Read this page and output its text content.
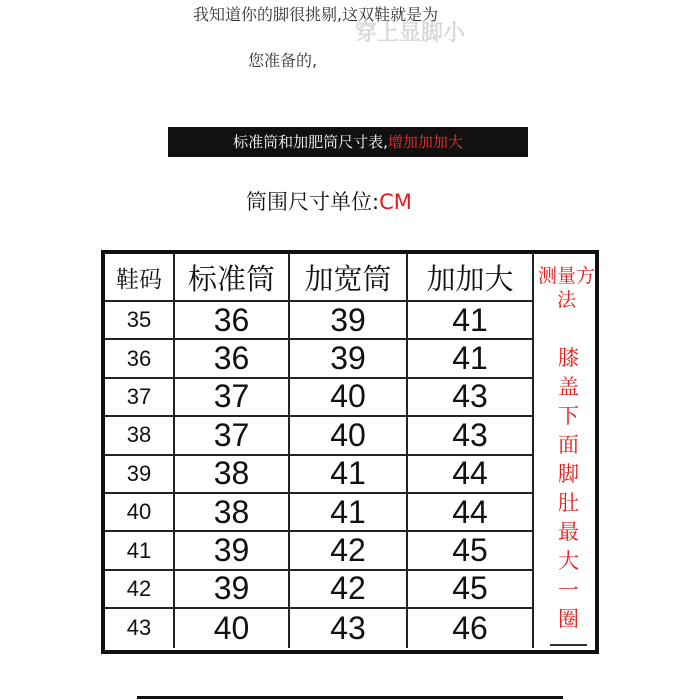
我知道你的脚很挑剔,这双鞋就是为
穿上显脚小
您准备的,
标准筒和加肥筒尺寸表,增加加加大
筒围尺寸单位:CM
鞋码 标准筒	加宽筒	加加大
35	36	39	41
36	36	39	41
37	37	40	43
38	37	40	43
39	38	41	44
40	38	41	44
41	39	42	45
42	39	42	45
43	40	43	46
测量方法
膝盖下面脚肚最大一圈
